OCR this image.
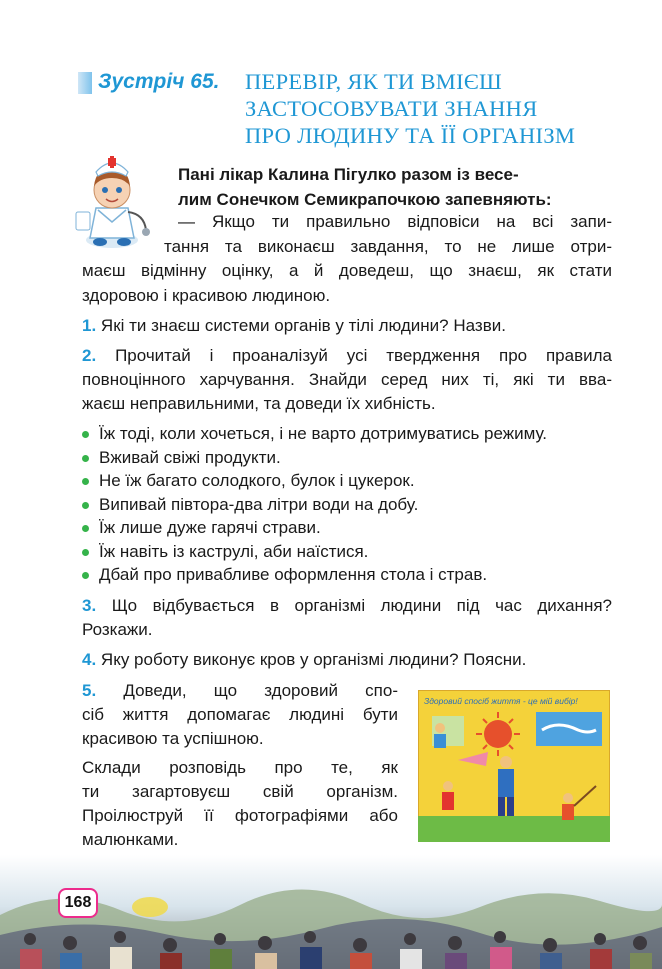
Зустріч 65. ПЕРЕВІР, ЯК ТИ ВМІЄШ
ЗАСТОСОВУВАТИ ЗНАННЯ
ПРО ЛЮДИНУ ТА ЇЇ ОРГАНІЗМ
Пані лікар Калина Пігулко разом із весе-
лим Сонечком Семикрапочкою запевняють:
— Якщо ти правильно відповіси на всі запи-
тання та виконаєш завдання, то не лише отри-
маєш відмінну оцінку, а й доведеш, що знаєш, як стати
здоровою і красивою людиною.
1. Які ти знаєш системи органів у тілі людини? Назви.
2. Прочитай і проаналізуй усі твердження про правила
повноцінного харчування. Знайди серед них ті, які ти вва-
жаєш неправильними, та доведи їх хибність.
Їж тоді, коли хочеться, і не варто дотримуватись режиму.
Вживай свіжі продукти.
Не їж багато солодкого, булок і цукерок.
Випивай півтора-два літри води на добу.
Їж лише дуже гарячі страви.
Їж навіть із каструлі, аби наїстися.
Дбай про привабливе оформлення стола і страв.
3. Що відбувається в організмі людини під час дихання?
Розкажи.
4. Яку роботу виконує кров у організмі людини? Поясни.
5. Доведи, що здоровий спо-
сіб життя допомагає людині бути
красивою та успішною.
Склади розповідь про те, як
ти загартовуєш свій організм.
Проілюструй її фотографіями або
малюнками.
Здоровий спосіб життя - це мій вибір!
168
